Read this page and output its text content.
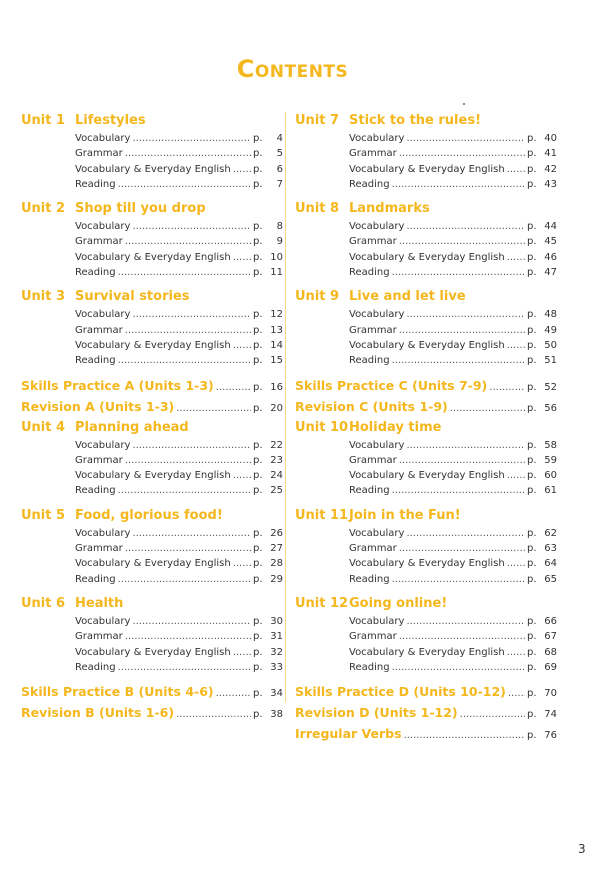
Contents
Unit 1 Lifestyles
Vocabulary .....	p.	4
Grammar .....	p.	5
Vocabulary & Everyday English ..... p.	6
Reading .....	p.	7
Unit 2 Shop till you drop
Vocabulary .....	p.	8
Grammar .....	p.	9
Vocabulary & Everyday English ..... p. 10
Reading .....	p. 11
Unit 3 Survival stories
Vocabulary .....	p. 12
Grammar .....	p. 13
Vocabulary & Everyday English ..... p. 14
Reading .....	p. 15
Skills Practice A (Units 1-3) .....	p. 16
Revision A (Units 1-3) .....	p. 20
Unit 4 Planning ahead
Vocabulary .....	p. 22
Grammar .....	p. 23
Vocabulary & Everyday English ..... p. 24
Reading .....	p. 25
Unit 5 Food, glorious food!
Vocabulary .....	p. 26
Grammar .....	p. 27
Vocabulary & Everyday English ..... p. 28
Reading .....	p. 29
Unit 6 Health
Vocabulary .....	p. 30
Grammar .....	p. 31
Vocabulary & Everyday English ..... p. 32
Reading .....	p. 33
Skills Practice B (Units 4-6) .....	p. 34
Revision B (Units 1-6) .....	p. 38
Unit 7 Stick to the rules!
Vocabulary .....	p. 40
Grammar .....	p. 41
Vocabulary & Everyday English ..... p. 42
Reading .....	p. 43
Unit 8 Landmarks
Vocabulary .....	p. 44
Grammar .....	p. 45
Vocabulary & Everyday English ..... p. 46
Reading .....	p. 47
Unit 9 Live and let live
Vocabulary .....	p. 48
Grammar .....	p. 49
Vocabulary & Everyday English ..... p. 50
Reading .....	p. 51
Skills Practice C (Units 7-9) .....	p. 52
Revision C (Units 1-9) .....	p. 56
Unit 10 Holiday time
Vocabulary .....	p. 58
Grammar .....	p. 59
Vocabulary & Everyday English ..... p. 60
Reading .....	p. 61
Unit 11 Join in the Fun!
Vocabulary .....	p. 62
Grammar .....	p. 63
Vocabulary & Everyday English ..... p. 64
Reading .....	p. 65
Unit 12 Going online!
Vocabulary .....	p. 66
Grammar .....	p. 67
Vocabulary & Everyday English ..... p. 68
Reading .....	p. 69
Skills Practice D (Units 10-12) ..... p. 70
Revision D (Units 1-12) .....	p. 74
Irregular Verbs .....	p. 76
3
